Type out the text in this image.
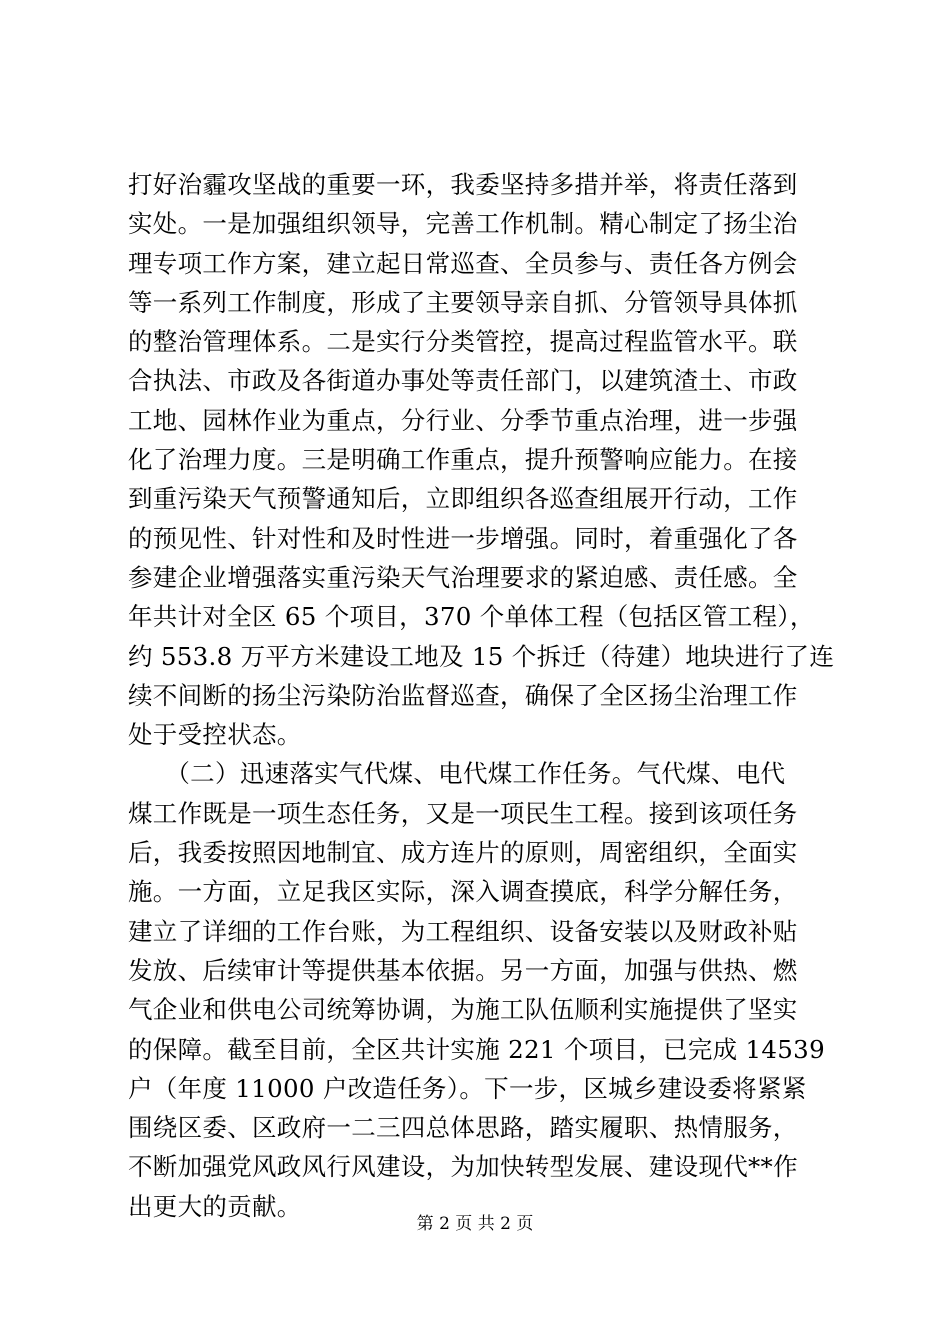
打好治霾攻坚战的重要一环，我委坚持多措并举，将责任落到
实处。一是加强组织领导，完善工作机制。精心制定了扬尘治
理专项工作方案，建立起日常巡查、全员参与、责任各方例会
等一系列工作制度，形成了主要领导亲自抓、分管领导具体抓
的整治管理体系。二是实行分类管控，提高过程监管水平。联
合执法、市政及各街道办事处等责任部门，以建筑渣土、市政
工地、园林作业为重点，分行业、分季节重点治理，进一步强
化了治理力度。三是明确工作重点，提升预警响应能力。在接
到重污染天气预警通知后，立即组织各巡查组展开行动，工作
的预见性、针对性和及时性进一步增强。同时，着重强化了各
参建企业增强落实重污染天气治理要求的紧迫感、责任感。全
年共计对全区 65 个项目，370 个单体工程（包括区管工程），
约 553.8 万平方米建设工地及 15 个拆迁（待建）地块进行了连
续不间断的扬尘污染防治监督巡查，确保了全区扬尘治理工作
处于受控状态。
　　（二）迅速落实气代煤、电代煤工作任务。气代煤、电代
煤工作既是一项生态任务，又是一项民生工程。接到该项任务
后，我委按照因地制宜、成方连片的原则，周密组织，全面实
施。一方面，立足我区实际，深入调查摸底，科学分解任务，
建立了详细的工作台账，为工程组织、设备安装以及财政补贴
发放、后续审计等提供基本依据。另一方面，加强与供热、燃
气企业和供电公司统筹协调，为施工队伍顺利实施提供了坚实
的保障。截至目前，全区共计实施 221 个项目，已完成 14539
户（年度 11000 户改造任务）。下一步，区城乡建设委将紧紧
围绕区委、区政府一二三四总体思路，踏实履职、热情服务，
不断加强党风政风行风建设，为加快转型发展、建设现代**作
出更大的贡献。
第 2 页 共 2 页
